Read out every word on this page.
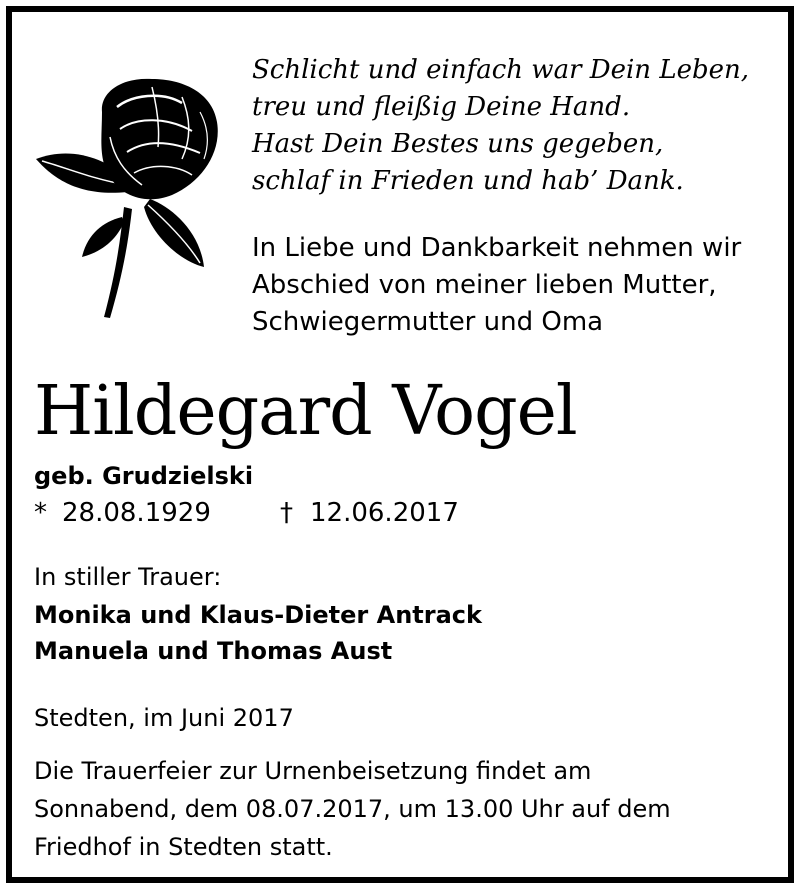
Schlicht und einfach war Dein Leben,
treu und fleißig Deine Hand.
Hast Dein Bestes uns gegeben,
schlaf in Frieden und hab’ Dank.
In Liebe und Dankbarkeit nehmen wir
Abschied von meiner lieben Mutter,
Schwiegermutter und Oma
Hildegard Vogel
geb. Grudzielski
* 28.08.1929	† 12.06.2017
In stiller Trauer:
Monika und Klaus-Dieter Antrack
Manuela und Thomas Aust
Stedten, im Juni 2017
Die Trauerfeier zur Urnenbeisetzung findet am
Sonnabend, dem 08.07.2017, um 13.00 Uhr auf dem
Friedhof in Stedten statt.
